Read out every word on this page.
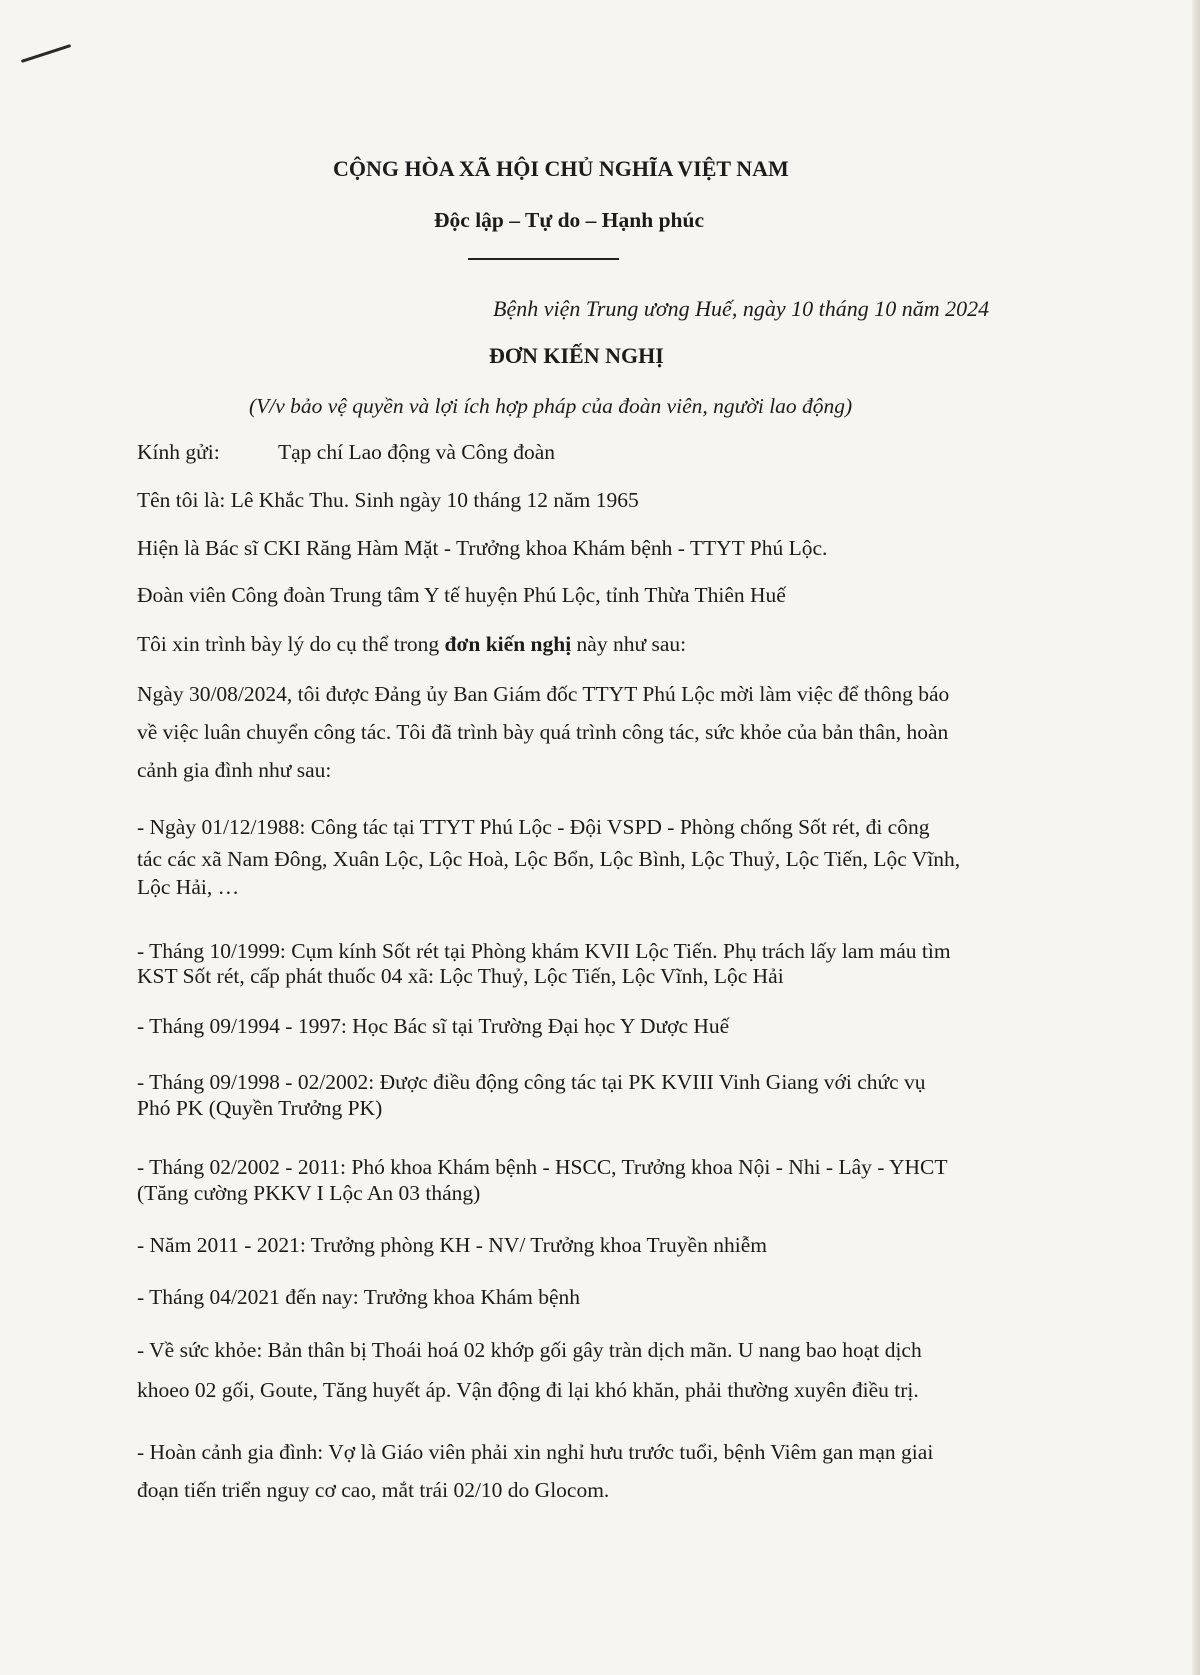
CỘNG HÒA XÃ HỘI CHỦ NGHĨA VIỆT NAM
Độc lập – Tự do – Hạnh phúc
Bệnh viện Trung ương Huế, ngày 10 tháng 10 năm 2024
ĐƠN KIẾN NGHỊ
(V/v bảo vệ quyền và lợi ích hợp pháp của đoàn viên, người lao động)
Kính gửi:	Tạp chí Lao động và Công đoàn
Tên tôi là: Lê Khắc Thu. Sinh ngày 10 tháng 12 năm 1965
Hiện là Bác sĩ CKI Răng Hàm Mặt - Trưởng khoa Khám bệnh - TTYT Phú Lộc.
Đoàn viên Công đoàn Trung tâm Y tế huyện Phú Lộc, tỉnh Thừa Thiên Huế
Tôi xin trình bày lý do cụ thể trong đơn kiến nghị này như sau:
Ngày 30/08/2024, tôi được Đảng ủy Ban Giám đốc TTYT Phú Lộc mời làm việc để thông báo
về việc luân chuyển công tác. Tôi đã trình bày quá trình công tác, sức khỏe của bản thân, hoàn
cảnh gia đình như sau:
- Ngày 01/12/1988: Công tác tại TTYT Phú Lộc - Đội VSPD - Phòng chống Sốt rét, đi công
tác các xã Nam Đông, Xuân Lộc, Lộc Hoà, Lộc Bổn, Lộc Bình, Lộc Thuỷ, Lộc Tiến, Lộc Vĩnh,
Lộc Hải, …
- Tháng 10/1999: Cụm kính Sốt rét tại Phòng khám KVII Lộc Tiến. Phụ trách lấy lam máu tìm
KST Sốt rét, cấp phát thuốc 04 xã: Lộc Thuỷ, Lộc Tiến, Lộc Vĩnh, Lộc Hải
- Tháng 09/1994 - 1997: Học Bác sĩ tại Trường Đại học Y Dược Huế
- Tháng 09/1998 - 02/2002: Được điều động công tác tại PK KVIII Vinh Giang với chức vụ
Phó PK (Quyền Trưởng PK)
- Tháng 02/2002 - 2011: Phó khoa Khám bệnh - HSCC, Trưởng khoa Nội - Nhi - Lây - YHCT
(Tăng cường PKKV I Lộc An 03 tháng)
- Năm 2011 - 2021: Trưởng phòng KH - NV/ Trưởng khoa Truyền nhiễm
- Tháng 04/2021 đến nay: Trưởng khoa Khám bệnh
- Về sức khỏe: Bản thân bị Thoái hoá 02 khớp gối gây tràn dịch mãn. U nang bao hoạt dịch
khoeo 02 gối, Goute, Tăng huyết áp. Vận động đi lại khó khăn, phải thường xuyên điều trị.
- Hoàn cảnh gia đình: Vợ là Giáo viên phải xin nghỉ hưu trước tuổi, bệnh Viêm gan mạn giai
đoạn tiến triển nguy cơ cao, mắt trái 02/10 do Glocom.
